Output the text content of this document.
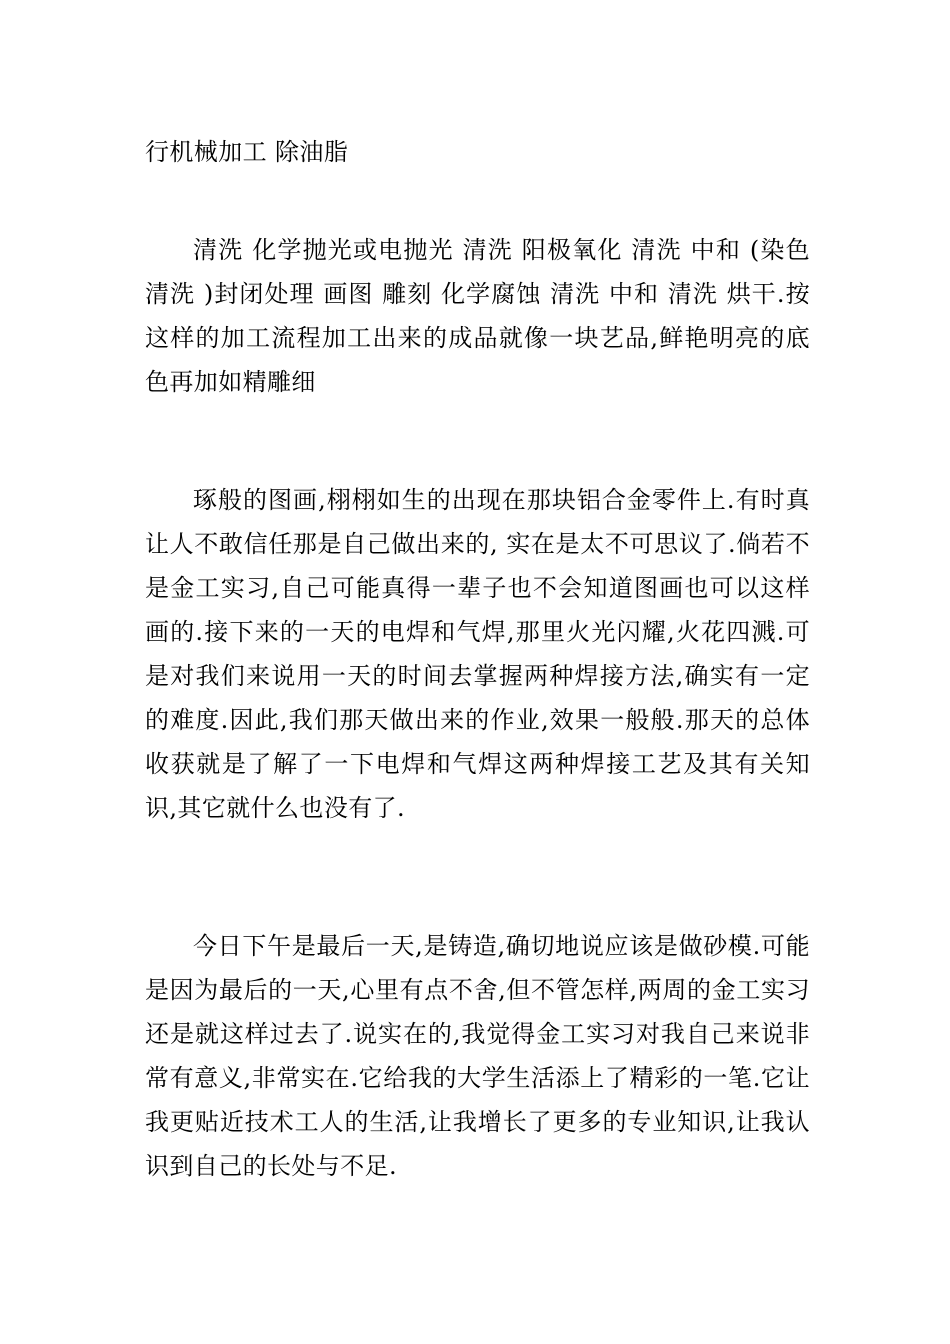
行机械加工 除油脂

清洗 化学抛光或电抛光 清洗 阳极氧化 清洗 中和 (染色 清洗 )封闭处理 画图 雕刻 化学腐蚀 清洗 中和 清洗 烘干.按这样的加工流程加工出来的成品就像一块艺品,鲜艳明亮的底色再加如精雕细

琢般的图画,栩栩如生的出现在那块铝合金零件上.有时真让人不敢信任那是自己做出来的, 实在是太不可思议了.倘若不是金工实习,自己可能真得一辈子也不会知道图画也可以这样画的.接下来的一天的电焊和气焊,那里火光闪耀,火花四溅.可是对我们来说用一天的时间去掌握两种焊接方法,确实有一定的难度.因此,我们那天做出来的作业,效果一般般.那天的总体收获就是了解了一下电焊和气焊这两种焊接工艺及其有关知识,其它就什么也没有了.

今日下午是最后一天,是铸造,确切地说应该是做砂模.可能是因为最后的一天,心里有点不舍,但不管怎样,两周的金工实习还是就这样过去了.说实在的,我觉得金工实习对我自己来说非常有意义,非常实在.它给我的大学生活添上了精彩的一笔.它让我更贴近技术工人的生活,让我增长了更多的专业知识,让我认识到自己的长处与不足.
